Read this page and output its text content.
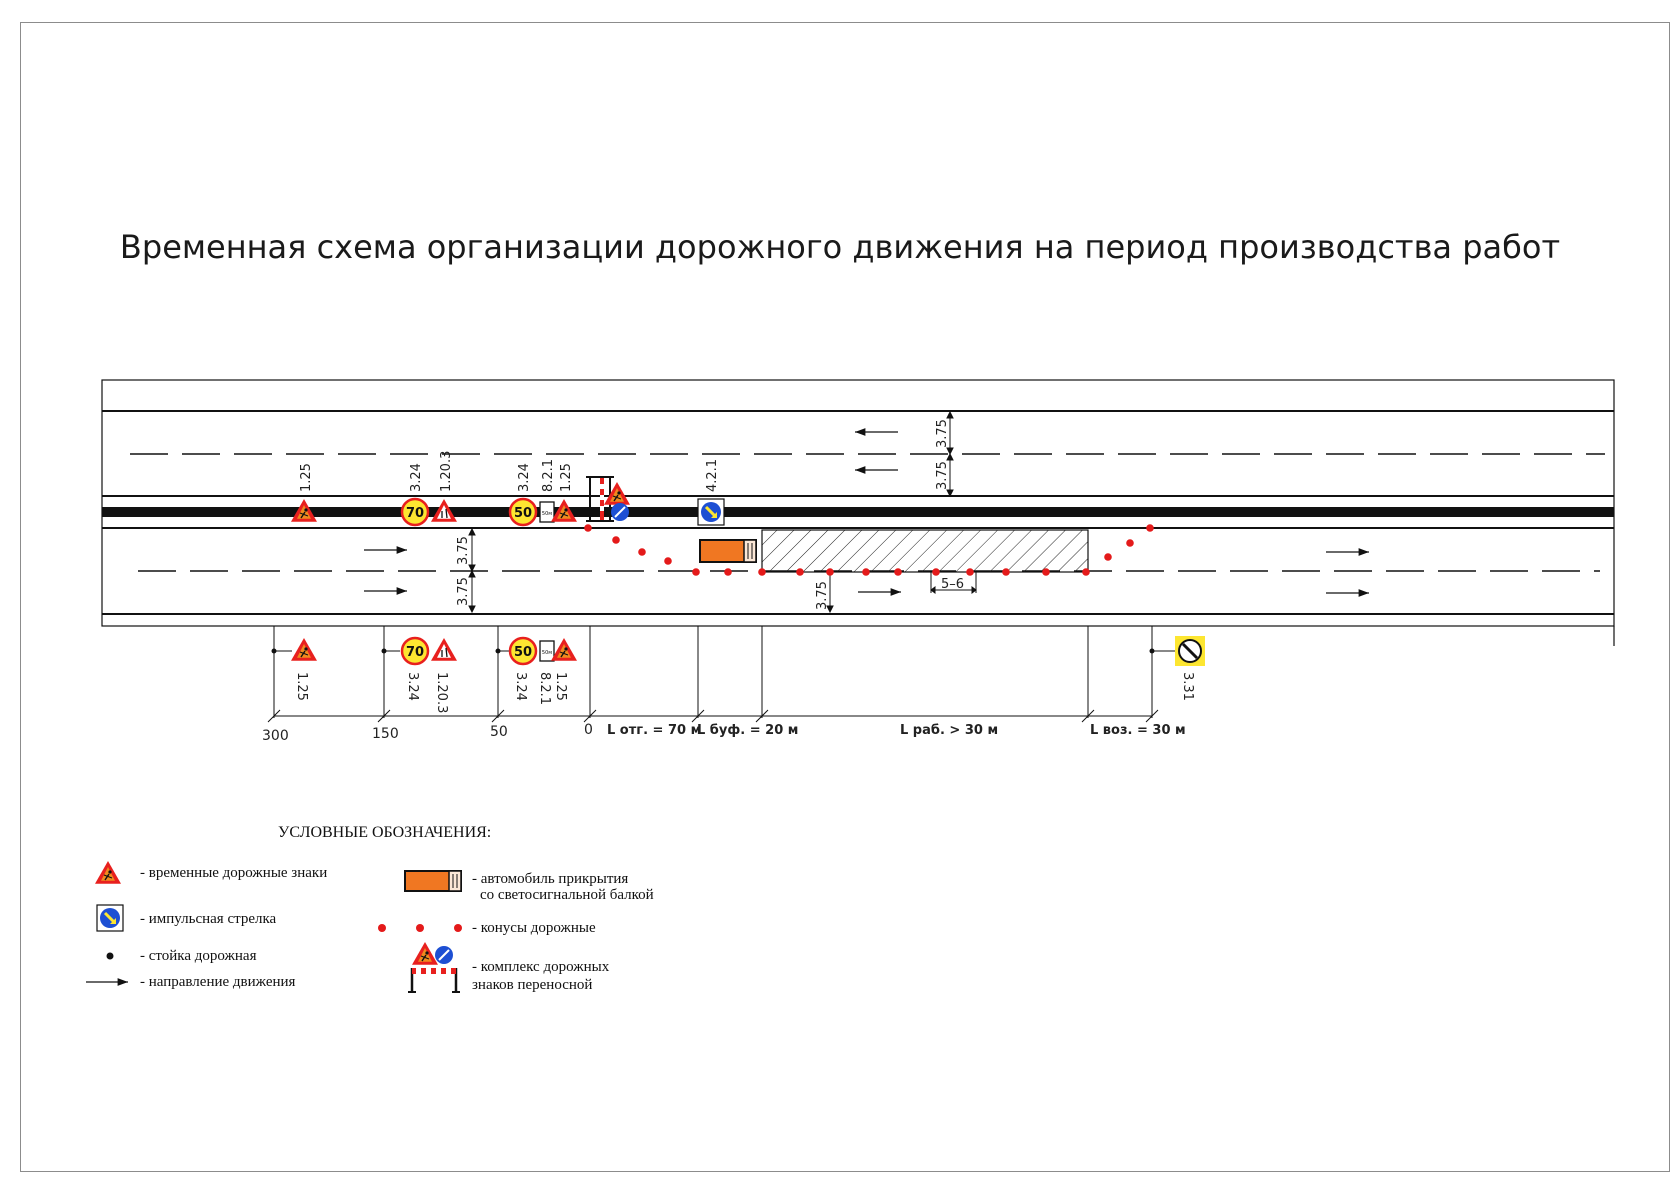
Временная схема организации дорожного движения на период производства работ
3.75
3.75
3.75
3.75	3.75	5–6
300	150	50	0 L отг. = 70 м
L буф. = 20 м	L раб. > 30 м	L воз. = 30 м
1.25
70
3.24 1.20.3
50
3.24
50м
8.2.1 1.25	4.2.1
1.25
70
3.24 1.20.3
50
3.24
50м
8.2.1 1.25	3.31
УСЛОВНЫЕ ОБОЗНАЧЕНИЯ:
- временные дорожные знаки
- импульсная стрелка
- стойка дорожная
- направление движения
- автомобиль прикрытия
со светосигнальной балкой
- конусы дорожные
- комплекс дорожных
знаков переносной
